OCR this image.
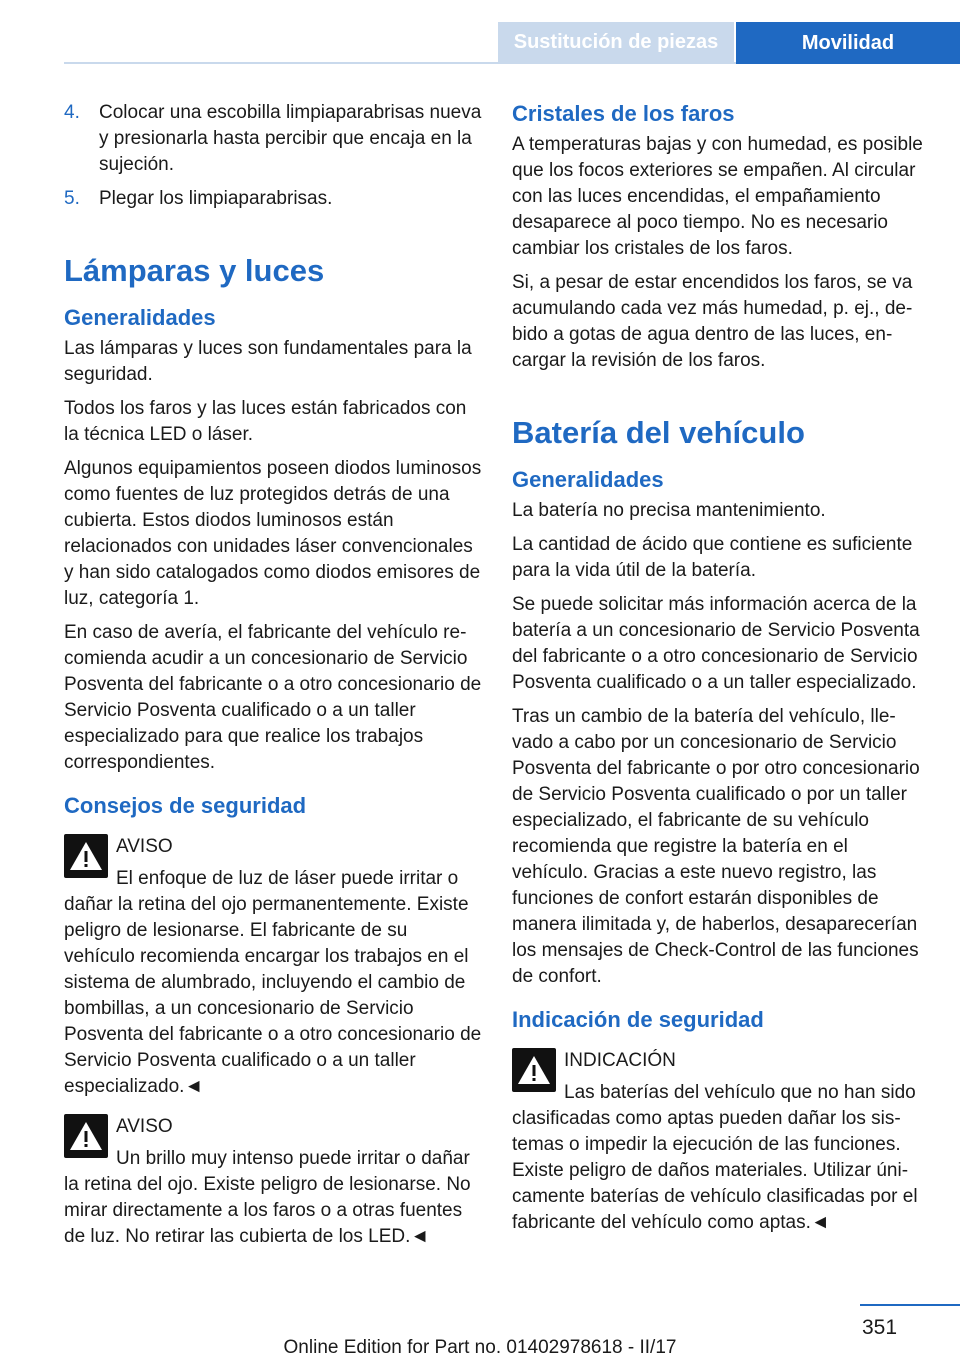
Sustitución de piezas	Movilidad
4. Colocar una escobilla limpiaparabrisas nueva y presionarla hasta percibir que encaja en la sujeción.
5. Plegar los limpiaparabrisas.
Lámparas y luces
Generalidades

Las lámparas y luces son fundamentales para la seguridad.

Todos los faros y las luces están fabricados con la técnica LED o láser.

Algunos equipamientos poseen diodos luminosos como fuentes de luz protegidos detrás de una cubierta. Estos diodos luminosos están relacionados con unidades láser convencionales y han sido catalogados como diodos emisores de luz, categoría 1.

En caso de avería, el fabricante del vehículo recomienda acudir a un concesionario de Servicio Posventa del fabricante o a otro concesionario de Servicio Posventa cualificado o a un taller especializado para que realice los trabajos correspondientes.

Consejos de seguridad
AVISO
El enfoque de luz de láser puede irritar o dañar la retina del ojo permanentemente. Existe peligro de lesionarse. El fabricante de su vehículo recomienda encargar los trabajos en el sistema de alumbrado, incluyendo el cambio de bombillas, a un concesionario de Servicio Posventa del fabricante o a otro concesionario de Servicio Posventa cualificado o a un taller especializado.◄
AVISO
Un brillo muy intenso puede irritar o dañar la retina del ojo. Existe peligro de lesionarse. No mirar directamente a los faros o a otras fuentes de luz. No retirar las cubierta de los LED.◄
Cristales de los faros

A temperaturas bajas y con humedad, es posible que los focos exteriores se empañen. Al circular con las luces encendidas, el empañamiento desaparece al poco tiempo. No es necesario cambiar los cristales de los faros.

Si, a pesar de estar encendidos los faros, se va acumulando cada vez más humedad, p. ej., debido a gotas de agua dentro de las luces, encargar la revisión de los faros.

Batería del vehículo
Generalidades

La batería no precisa mantenimiento.

La cantidad de ácido que contiene es suficiente para la vida útil de la batería.

Se puede solicitar más información acerca de la batería a un concesionario de Servicio Posventa del fabricante o a otro concesionario de Servicio Posventa cualificado o a un taller especializado.

Tras un cambio de la batería del vehículo, llevado a cabo por un concesionario de Servicio Posventa del fabricante o por otro concesionario de Servicio Posventa cualificado o por un taller especializado, el fabricante de su vehículo recomienda que registre la batería en el vehículo. Gracias a este nuevo registro, las funciones de confort estarán disponibles de manera ilimitada y, de haberlos, desaparecerían los mensajes de Check-Control de las funciones de confort.

Indicación de seguridad
INDICACIÓN
Las baterías del vehículo que no han sido clasificadas como aptas pueden dañar los sistemas o impedir la ejecución de las funciones. Existe peligro de daños materiales. Utilizar únicamente baterías de vehículo clasificadas por el fabricante del vehículo como aptas.◄
351
Online Edition for Part no. 01402978618 - II/17
